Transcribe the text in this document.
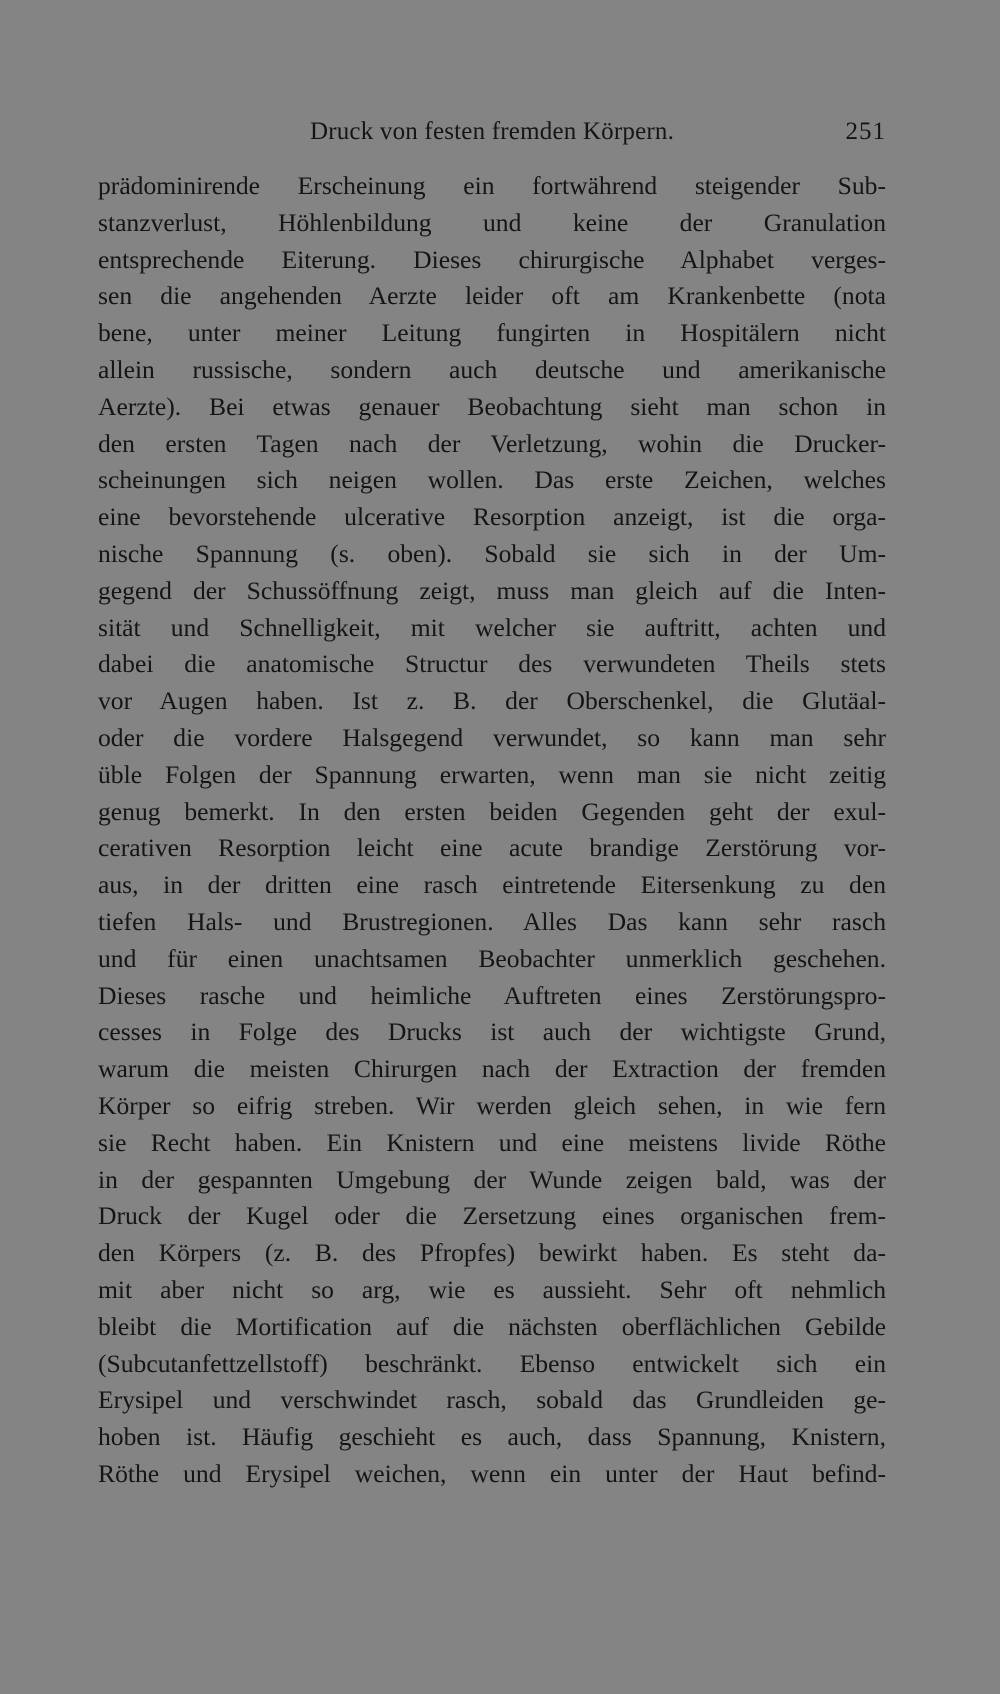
Druck von festen fremden Körpern.	251
prädominirende Erscheinung ein fortwährend steigender Sub-
stanzverlust, Höhlenbildung und keine der Granulation
entsprechende Eiterung. Dieses chirurgische Alphabet verges-
sen die angehenden Aerzte leider oft am Krankenbette (nota
bene, unter meiner Leitung fungirten in Hospitälern nicht
allein russische, sondern auch deutsche und amerikanische
Aerzte). Bei etwas genauer Beobachtung sieht man schon in
den ersten Tagen nach der Verletzung, wohin die Drucker-
scheinungen sich neigen wollen. Das erste Zeichen, welches
eine bevorstehende ulcerative Resorption anzeigt, ist die orga-
nische Spannung (s. oben). Sobald sie sich in der Um-
gegend der Schussöffnung zeigt, muss man gleich auf die Inten-
sität und Schnelligkeit, mit welcher sie auftritt, achten und
dabei die anatomische Structur des verwundeten Theils stets
vor Augen haben. Ist z. B. der Oberschenkel, die Glutäal-
oder die vordere Halsgegend verwundet, so kann man sehr
üble Folgen der Spannung erwarten, wenn man sie nicht zeitig
genug bemerkt. In den ersten beiden Gegenden geht der exul-
cerativen Resorption leicht eine acute brandige Zerstörung vor-
aus, in der dritten eine rasch eintretende Eitersenkung zu den
tiefen Hals- und Brustregionen. Alles Das kann sehr rasch
und für einen unachtsamen Beobachter unmerklich geschehen.
Dieses rasche und heimliche Auftreten eines Zerstörungspro-
cesses in Folge des Drucks ist auch der wichtigste Grund,
warum die meisten Chirurgen nach der Extraction der fremden
Körper so eifrig streben. Wir werden gleich sehen, in wie fern
sie Recht haben. Ein Knistern und eine meistens livide Röthe
in der gespannten Umgebung der Wunde zeigen bald, was der
Druck der Kugel oder die Zersetzung eines organischen frem-
den Körpers (z. B. des Pfropfes) bewirkt haben. Es steht da-
mit aber nicht so arg, wie es aussieht. Sehr oft nehmlich
bleibt die Mortification auf die nächsten oberflächlichen Gebilde
(Subcutanfettzellstoff) beschränkt. Ebenso entwickelt sich ein
Erysipel und verschwindet rasch, sobald das Grundleiden ge-
hoben ist. Häufig geschieht es auch, dass Spannung, Knistern,
Röthe und Erysipel weichen, wenn ein unter der Haut befind-
